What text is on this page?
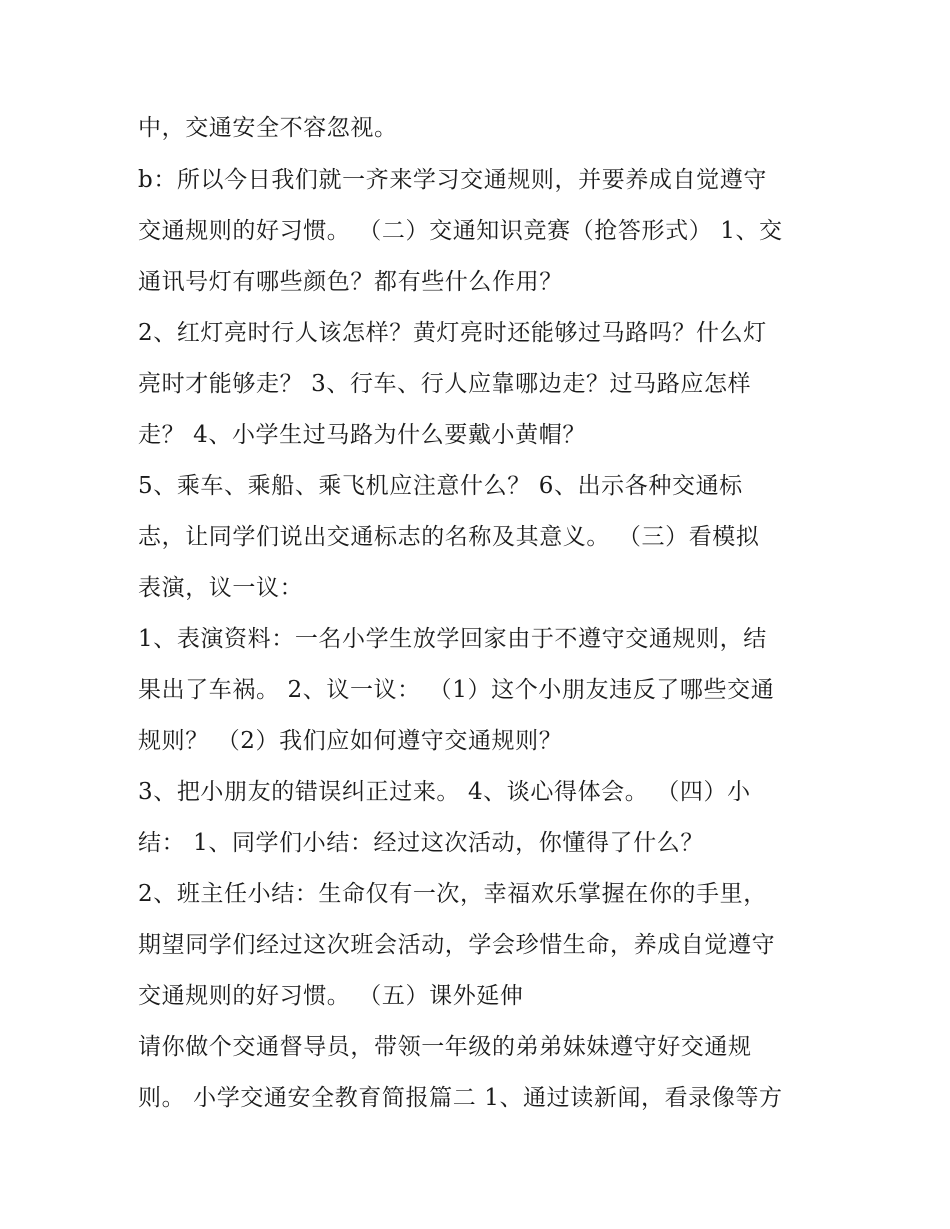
中，交通安全不容忽视。

b：所以今日我们就一齐来学习交通规则，并要养成自觉遵守

交通规则的好习惯。 （二）交通知识竞赛（抢答形式） 1、交

通讯号灯有哪些颜色？都有些什么作用？

2、红灯亮时行人该怎样？黄灯亮时还能够过马路吗？什么灯

亮时才能够走？ 3、行车、行人应靠哪边走？过马路应怎样

走？ 4、小学生过马路为什么要戴小黄帽？

5、乘车、乘船、乘飞机应注意什么？ 6、出示各种交通标

志，让同学们说出交通标志的名称及其意义。 （三）看模拟

表演，议一议：

1、表演资料：一名小学生放学回家由于不遵守交通规则，结

果出了车祸。 2、议一议： （1）这个小朋友违反了哪些交通

规则？ （2）我们应如何遵守交通规则？

3、把小朋友的错误纠正过来。 4、谈心得体会。 （四）小

结： 1、同学们小结：经过这次活动，你懂得了什么？

2、班主任小结：生命仅有一次，幸福欢乐掌握在你的手里，

期望同学们经过这次班会活动，学会珍惜生命，养成自觉遵守

交通规则的好习惯。 （五）课外延伸

请你做个交通督导员，带领一年级的弟弟妹妹遵守好交通规

则。 小学交通安全教育简报篇二 1、通过读新闻，看录像等方
